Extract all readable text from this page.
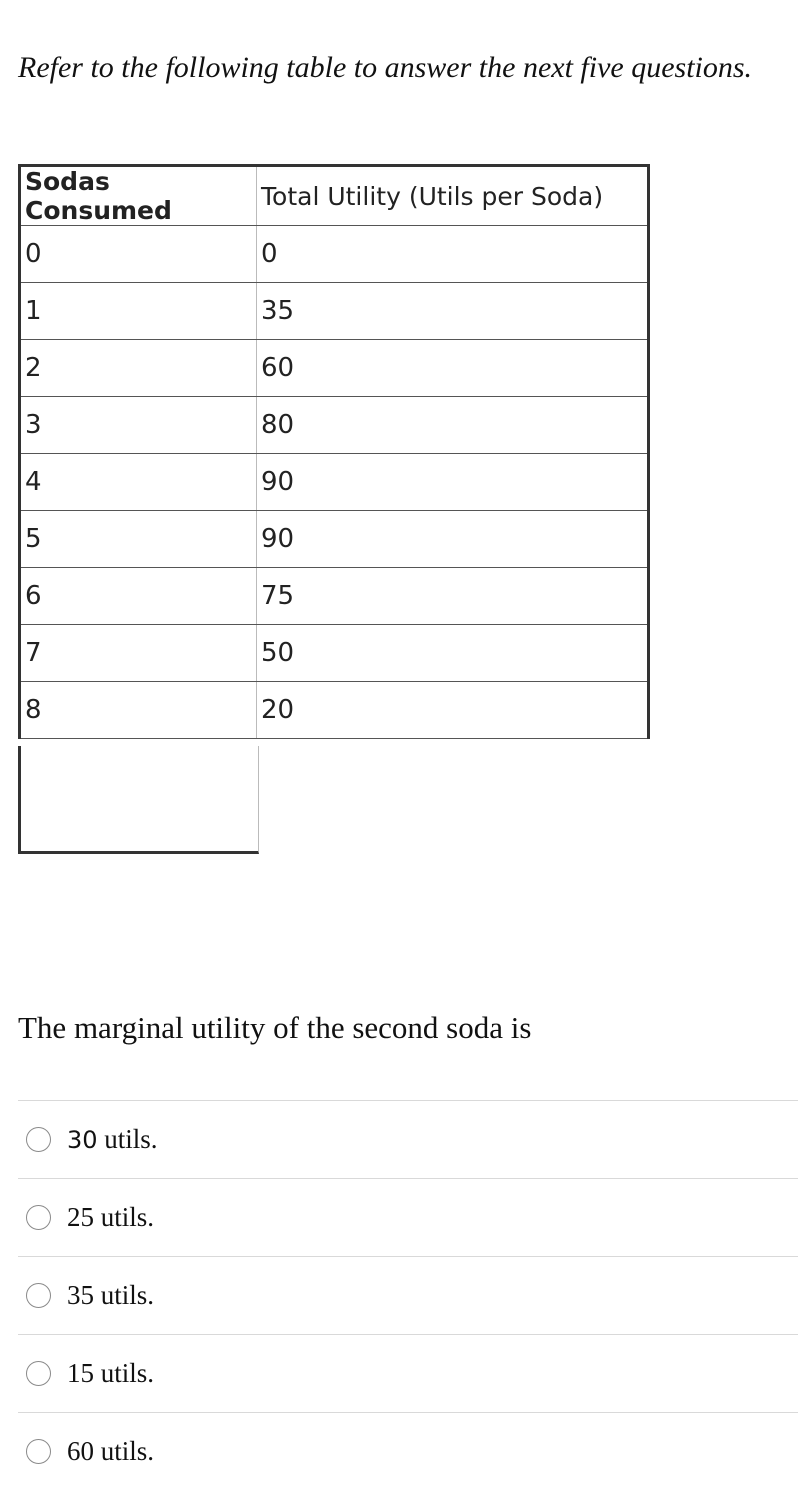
Refer to the following table to answer the next five questions.

Sodas Consumed	Total Utility (Utils per Soda)
0	0
1	35
2	60
3	80
4	90
5	90
6	75
7	50
8	20

The marginal utility of the second soda is

30 utils.
25 utils.
35 utils.
15 utils.
60 utils.
